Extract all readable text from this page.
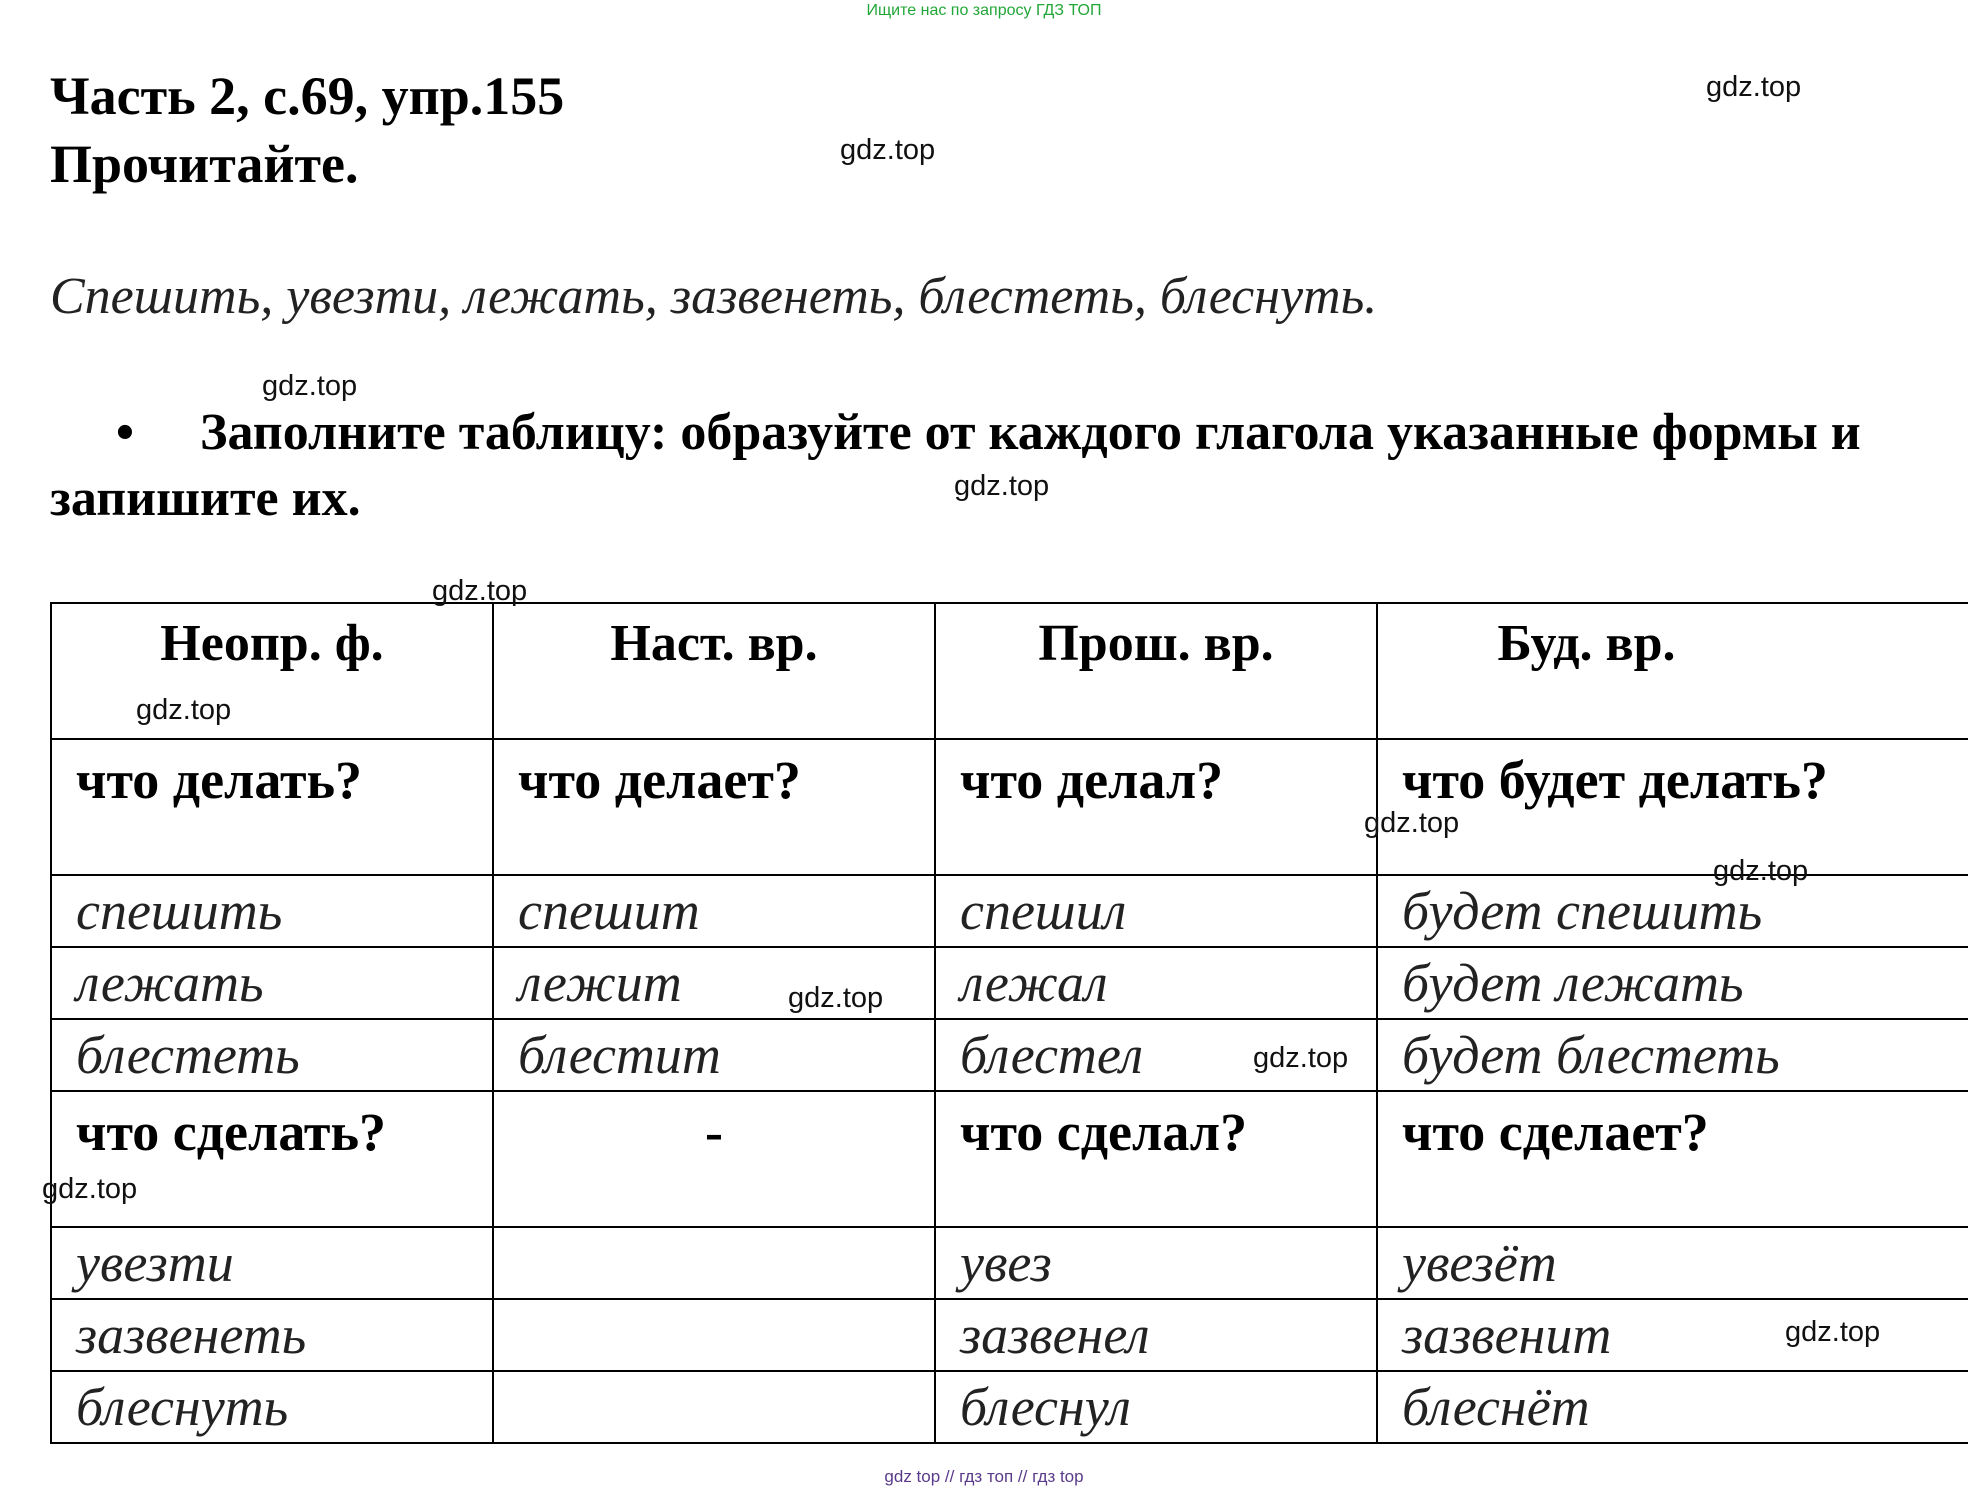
Ищите нас по запросу ГДЗ ТОП
Часть 2, с.69, упр.155
Прочитайте.
Спешить, увезти, лежать, зазвенеть, блестеть, блеснуть.
• Заполните таблицу: образуйте от каждого глагола указанные формы и запишите их.
Неопр. ф.	Наст. вр.	Прош. вр.	Буд. вр.
что делать?	что делает?	что делал?	что будет делать?
спешить	спешит	спешил	будет спешить
лежать	лежит	лежал	будет лежать
блестеть	блестит	блестел	будет блестеть
что сделать?	-	что сделал?	что сделает?
увезти		увез	увезёт
зазвенеть		зазвенел	зазвенит
блеснуть		блеснул	блеснёт
gdz.top
gdz.top
gdz.top
gdz.top
gdz.top
gdz.top
gdz.top
gdz.top
gdz.top
gdz.top
gdz.top
gdz.top
gdz top // гдз топ // гдз top
